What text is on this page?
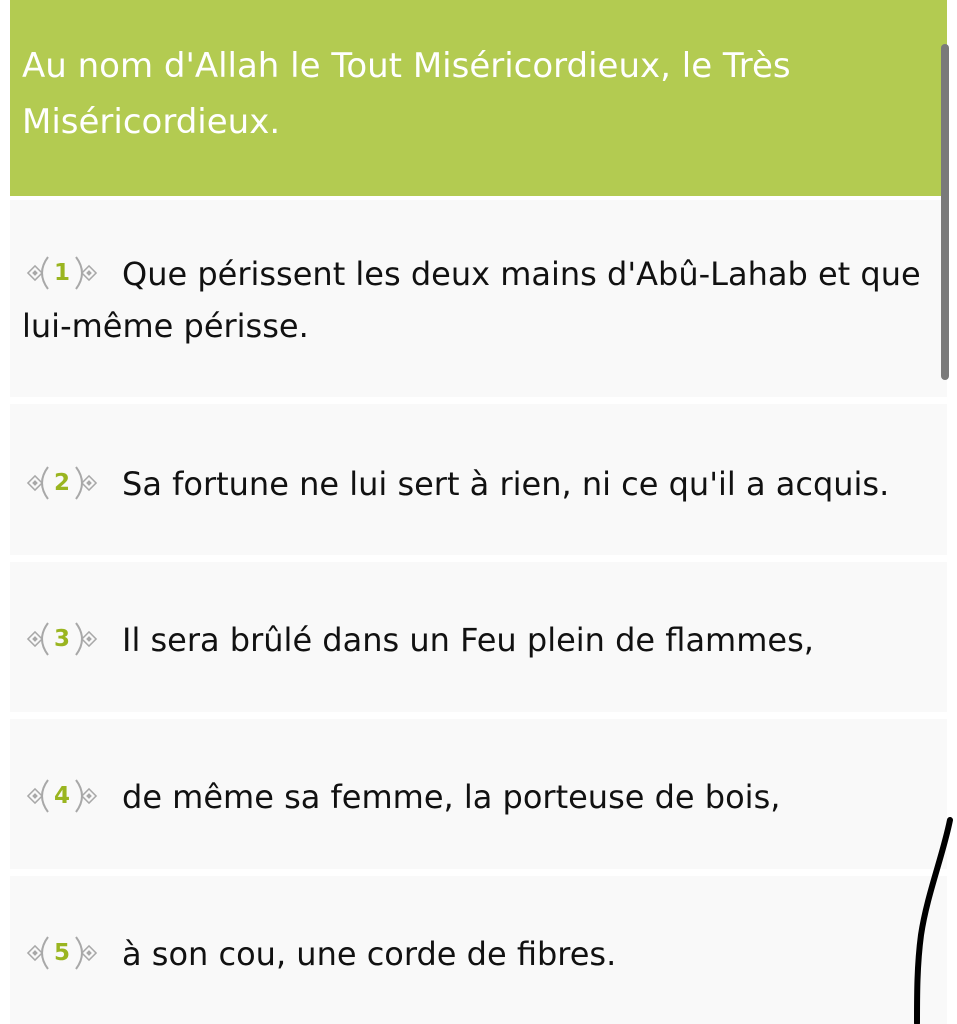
Au nom d'Allah le Tout Miséricordieux, le Très Miséricordieux.
1	Que périssent les deux mains d'Abû-Lahab et que lui-même périsse.
2	Sa fortune ne lui sert à rien, ni ce qu'il a acquis.
3	Il sera brûlé dans un Feu plein de flammes,
4	de même sa femme, la porteuse de bois,
5	à son cou, une corde de fibres.
